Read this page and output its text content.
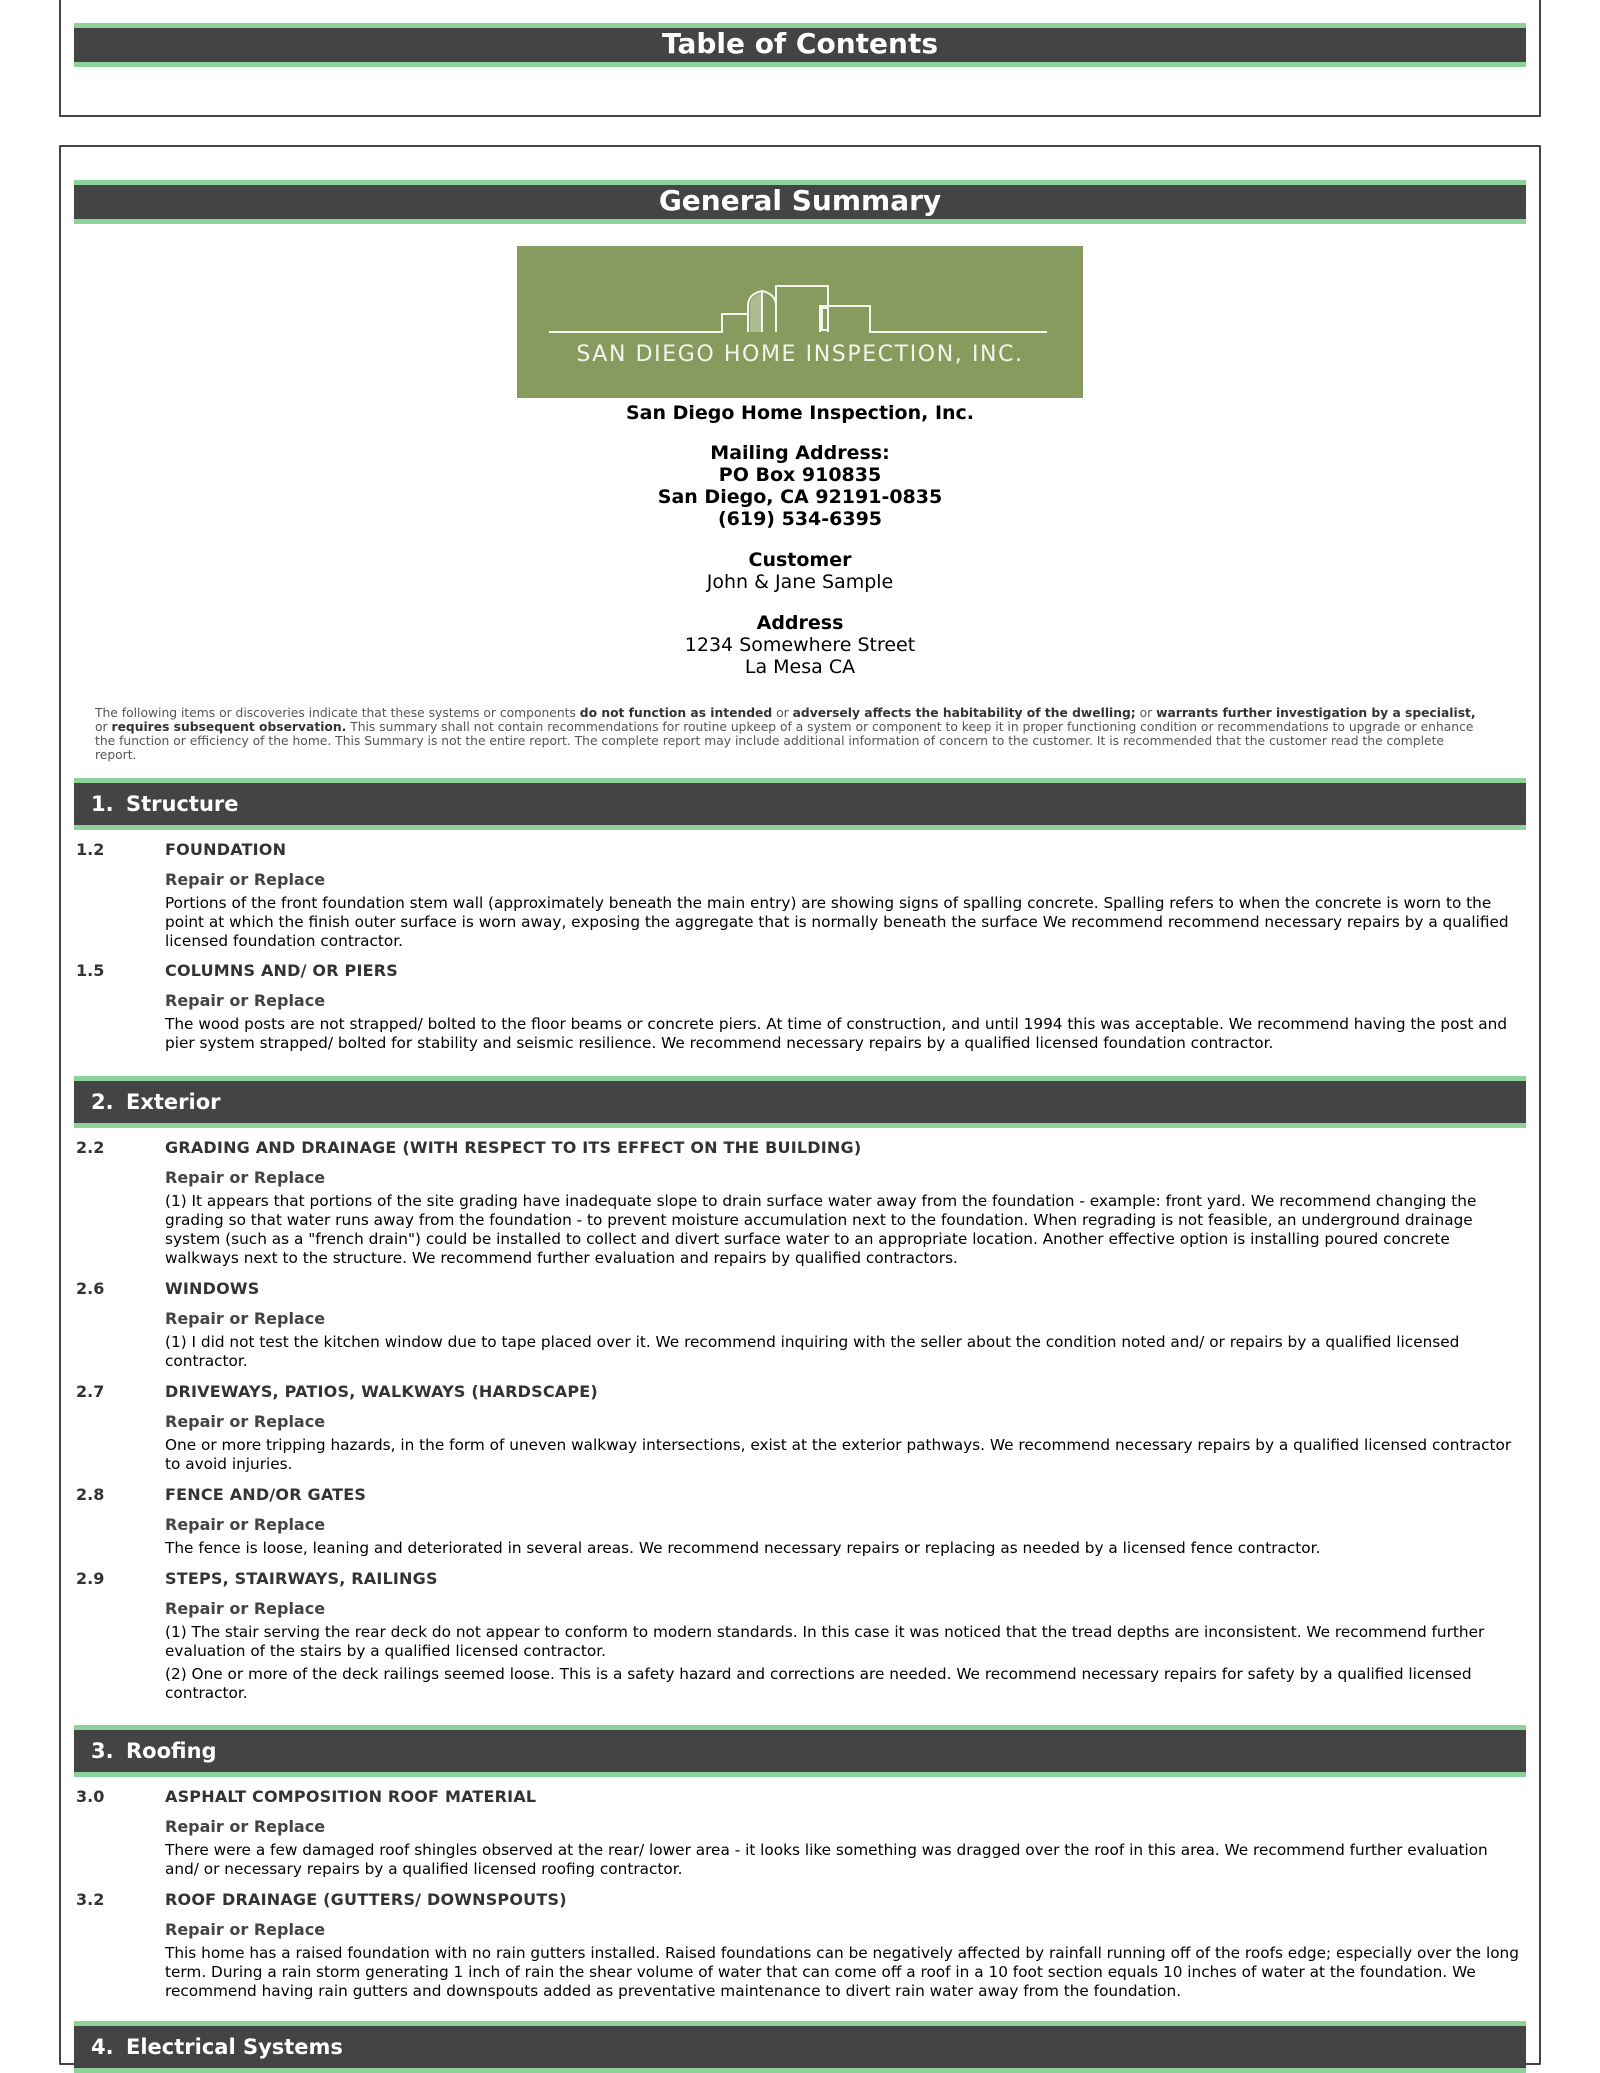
Table of Contents
General Summary
SAN DIEGO HOME INSPECTION, INC.
San Diego Home Inspection, Inc.
Mailing Address:
PO Box 910835
San Diego, CA 92191-0835
(619) 534-6395
Customer
John & Jane Sample
Address
1234 Somewhere Street
La Mesa CA
The following items or discoveries indicate that these systems or components do not function as intended or adversely affects the habitability of the dwelling; or warrants further investigation by a specialist, or requires subsequent observation. This summary shall not contain recommendations for routine upkeep of a system or component to keep it in proper functioning condition or recommendations to upgrade or enhance the function or efficiency of the home. This Summary is not the entire report. The complete report may include additional information of concern to the customer. It is recommended that the customer read the complete report.
1. Structure
1.2	FOUNDATION
Repair or Replace
Portions of the front foundation stem wall (approximately beneath the main entry) are showing signs of spalling concrete. Spalling refers to when the concrete is worn to the point at which the finish outer surface is worn away, exposing the aggregate that is normally beneath the surface We recommend recommend necessary repairs by a qualified licensed foundation contractor.
1.5	COLUMNS AND/ OR PIERS
Repair or Replace
The wood posts are not strapped/ bolted to the floor beams or concrete piers. At time of construction, and until 1994 this was acceptable. We recommend having the post and pier system strapped/ bolted for stability and seismic resilience. We recommend necessary repairs by a qualified licensed foundation contractor.
2. Exterior
2.2	GRADING AND DRAINAGE (WITH RESPECT TO ITS EFFECT ON THE BUILDING)
Repair or Replace
(1) It appears that portions of the site grading have inadequate slope to drain surface water away from the foundation - example: front yard. We recommend changing the grading so that water runs away from the foundation - to prevent moisture accumulation next to the foundation. When regrading is not feasible, an underground drainage system (such as a "french drain") could be installed to collect and divert surface water to an appropriate location. Another effective option is installing poured concrete walkways next to the structure. We recommend further evaluation and repairs by qualified contractors.
2.6	WINDOWS
Repair or Replace
(1) I did not test the kitchen window due to tape placed over it. We recommend inquiring with the seller about the condition noted and/ or repairs by a qualified licensed contractor.
2.7	DRIVEWAYS, PATIOS, WALKWAYS (HARDSCAPE)
Repair or Replace
One or more tripping hazards, in the form of uneven walkway intersections, exist at the exterior pathways. We recommend necessary repairs by a qualified licensed contractor to avoid injuries.
2.8	FENCE AND/OR GATES
Repair or Replace
The fence is loose, leaning and deteriorated in several areas. We recommend necessary repairs or replacing as needed by a licensed fence contractor.
2.9	STEPS, STAIRWAYS, RAILINGS
Repair or Replace
(1) The stair serving the rear deck do not appear to conform to modern standards. In this case it was noticed that the tread depths are inconsistent. We recommend further evaluation of the stairs by a qualified licensed contractor.
(2) One or more of the deck railings seemed loose. This is a safety hazard and corrections are needed. We recommend necessary repairs for safety by a qualified licensed contractor.
3. Roofing
3.0	ASPHALT COMPOSITION ROOF MATERIAL
Repair or Replace
There were a few damaged roof shingles observed at the rear/ lower area - it looks like something was dragged over the roof in this area. We recommend further evaluation and/ or necessary repairs by a qualified licensed roofing contractor.
3.2	ROOF DRAINAGE (GUTTERS/ DOWNSPOUTS)
Repair or Replace
This home has a raised foundation with no rain gutters installed. Raised foundations can be negatively affected by rainfall running off of the roofs edge; especially over the long term. During a rain storm generating 1 inch of rain the shear volume of water that can come off a roof in a 10 foot section equals 10 inches of water at the foundation. We recommend having rain gutters and downspouts added as preventative maintenance to divert rain water away from the foundation.
4. Electrical Systems
